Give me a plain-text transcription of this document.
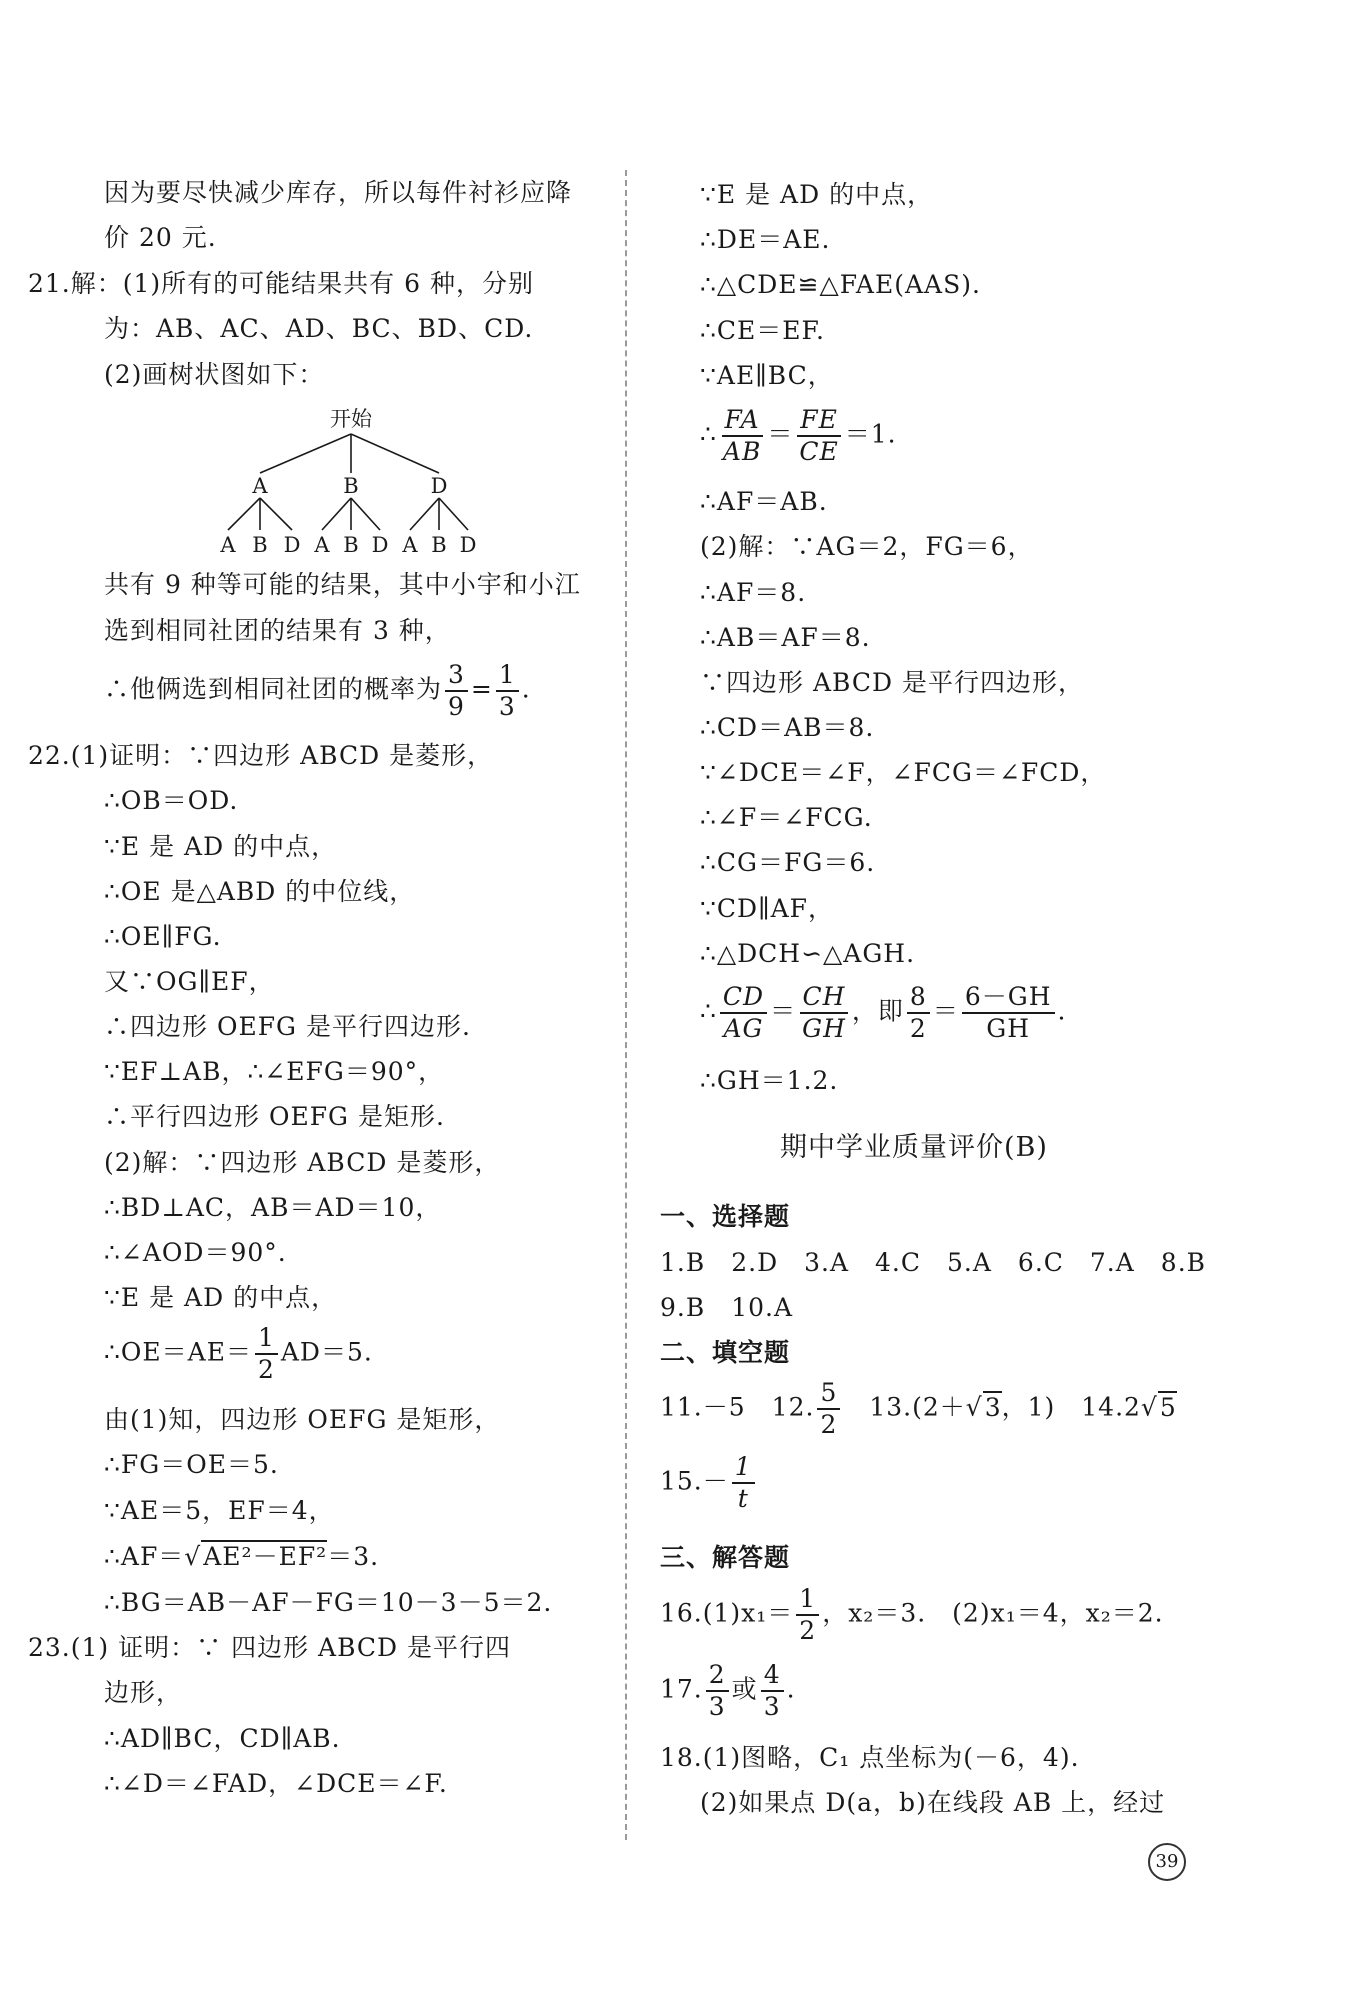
因为要尽快减少库存，所以每件衬衫应降
价 20 元.
21.解：(1)所有的可能结果共有 6 种，分别
为：AB、AC、AD、BC、BD、CD.
(2)画树状图如下：
开始
A	B	D
A B D A B D A B D
共有 9 种等可能的结果，其中小宇和小江
选到相同社团的结果有 3 种，
∴他俩选到相同社团的概率为 $\frac{3}{9} = \frac{1}{3}$ .
22.(1)证明：∵四边形 ABCD 是菱形，
∴OB＝OD.
∵E 是 AD 的中点，
∴OE 是△ABD 的中位线，
∴OE∥FG.
又∵OG∥EF，
∴四边形 OEFG 是平行四边形.
∵EF⊥AB，∴∠EFG＝90°，
∴平行四边形 OEFG 是矩形.
(2)解：∵四边形 ABCD 是菱形，
∴BD⊥AC，AB＝AD＝10，
∴∠AOD＝90°.
∵E 是 AD 的中点，
∴OE＝AE＝ $\frac{1}{2} AD=5$.
由(1)知，四边形 OEFG 是矩形，
∴FG＝OE＝5.
∵AE＝5，EF＝4，
∴AF＝√AE²－EF²＝3.
∴BG＝AB－AF－FG＝10－3－5＝2.
23.(1) 证明：∵ 四边形 ABCD 是平行四
边形，
∴AD∥BC，CD∥AB.
∴∠D＝∠FAD，∠DCE＝∠F.
∵E 是 AD 的中点，
∴DE＝AE.
∴△CDE≌△FAE(AAS).
∴CE＝EF.
∵AE∥BC，
∴ $\frac{FA}{AB} = \frac{FE}{CE} =1$.
∴AF＝AB.
(2)解：∵AG＝2，FG＝6，
∴AF＝8.
∴AB＝AF＝8.
∵四边形 ABCD 是平行四边形，
∴CD＝AB＝8.
∵∠DCE＝∠F，∠FCG＝∠FCD，
∴∠F＝∠FCG.
∴CG＝FG＝6.
∵CD∥AF，
∴△DCH∽△AGH.
∴ $\frac{CD}{AG} = \frac{CH}{GH}$ ，即 $\frac{8}{2} = \frac{6-GH}{GH}$ .
∴GH＝1.2.
期中学业质量评价(B)
一、选择题
1.B　2.D　3.A　4.C　5.A　6.C　7.A　8.B
9.B　10.A
二、填空题
11.－5　12. $\frac{5}{2}$ 　13.(2＋√3，1)　14.2√5
$15.- \frac{1}{t}$
三、解答题
$16.(1)x_1= \frac{1}{2}$ ，x₂＝3.　(2)x₁＝4，x₂＝2.
17. $\frac{2}{3}$ 或 $\frac{4}{3}$ .
18.(1)图略，C₁ 点坐标为(－6，4).
(2)如果点 D(a，b)在线段 AB 上，经过
39
